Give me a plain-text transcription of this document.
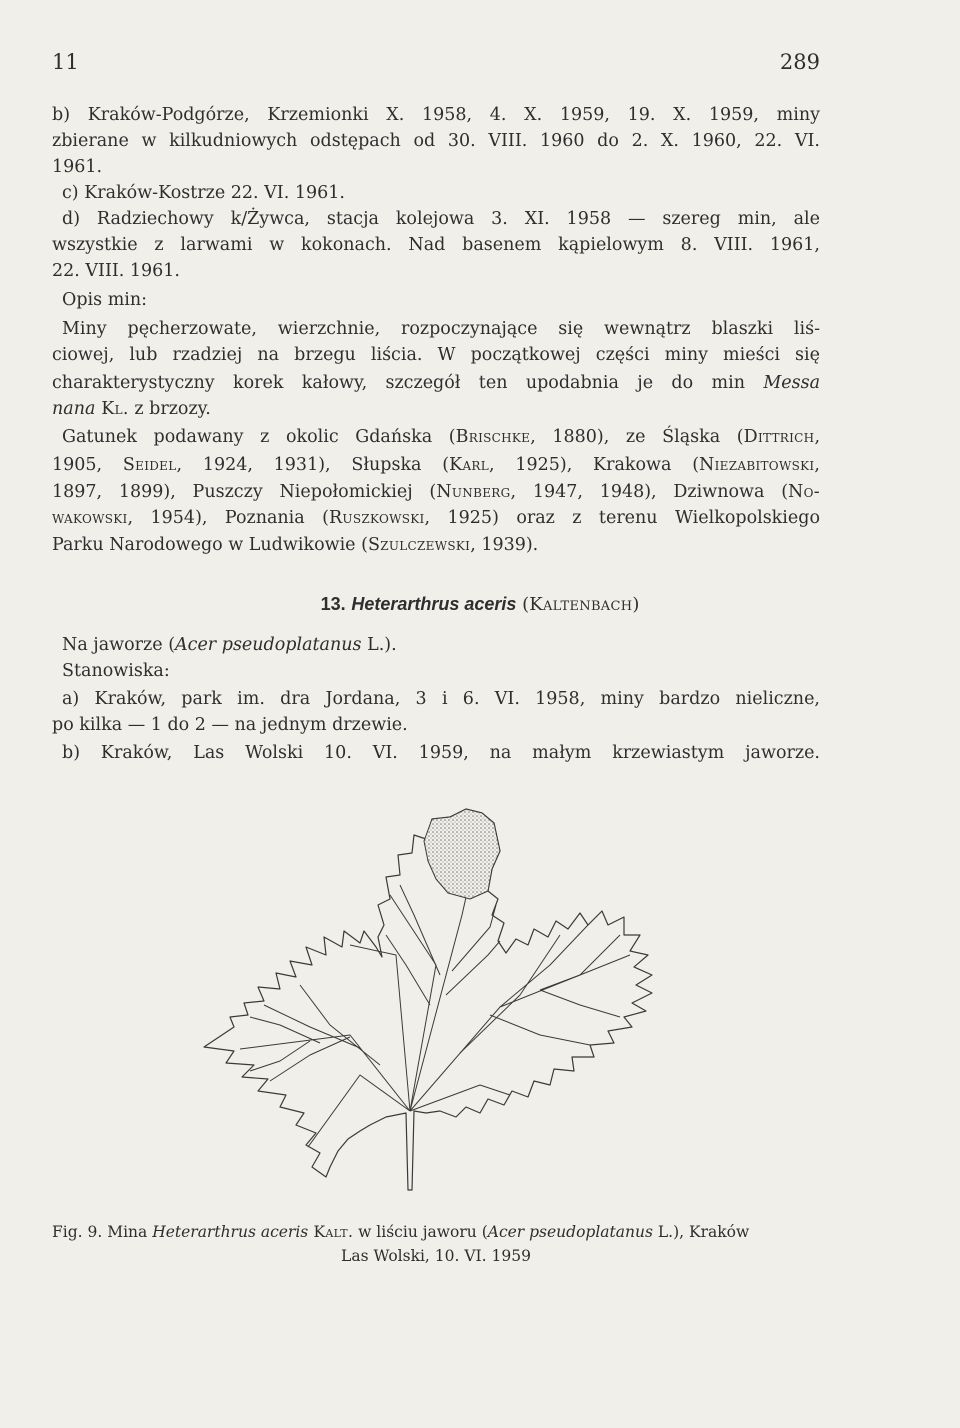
11	289
b) Kraków-Podgórze, Krzemionki X. 1958, 4. X. 1959, 19. X. 1959, miny
zbierane w kilkudniowych odstępach od 30. VIII. 1960 do 2. X. 1960, 22. VI.
1961.
c) Kraków-Kostrze 22. VI. 1961.
d) Radziechowy k/Żywca, stacja kolejowa 3. XI. 1958 — szereg min, ale
wszystkie z larwami w kokonach. Nad basenem kąpielowym 8. VIII. 1961,
22. VIII. 1961.
Opis min:
Miny pęcherzowate, wierzchnie, rozpoczynające się wewnątrz blaszki liś-
ciowej, lub rzadziej na brzegu liścia. W początkowej części miny mieści się
charakterystyczny korek kałowy, szczegół ten upodabnia je do min Messa
nana Kl. z brzozy.
Gatunek podawany z okolic Gdańska (Brischke, 1880), ze Śląska (Dittrich,
1905, Seidel, 1924, 1931), Słupska (Karl, 1925), Krakowa (Niezabitowski,
1897, 1899), Puszczy Niepołomickiej (Nunberg, 1947, 1948), Dziwnowa (No-
wakowski, 1954), Poznania (Ruszkowski, 1925) oraz z terenu Wielkopolskiego
Parku Narodowego w Ludwikowie (Szulczewski, 1939).
13. Heterarthrus aceris (Kaltenbach)
Na jaworze (Acer pseudoplatanus L.).
Stanowiska:
a) Kraków, park im. dra Jordana, 3 i 6. VI. 1958, miny bardzo nieliczne,
po kilka — 1 do 2 — na jednym drzewie.
b) Kraków, Las Wolski 10. VI. 1959, na małym krzewiastym jaworze.
Fig. 9. Mina Heterarthrus aceris Kalt. w liściu jaworu (Acer pseudoplatanus L.), Kraków
Las Wolski, 10. VI. 1959
